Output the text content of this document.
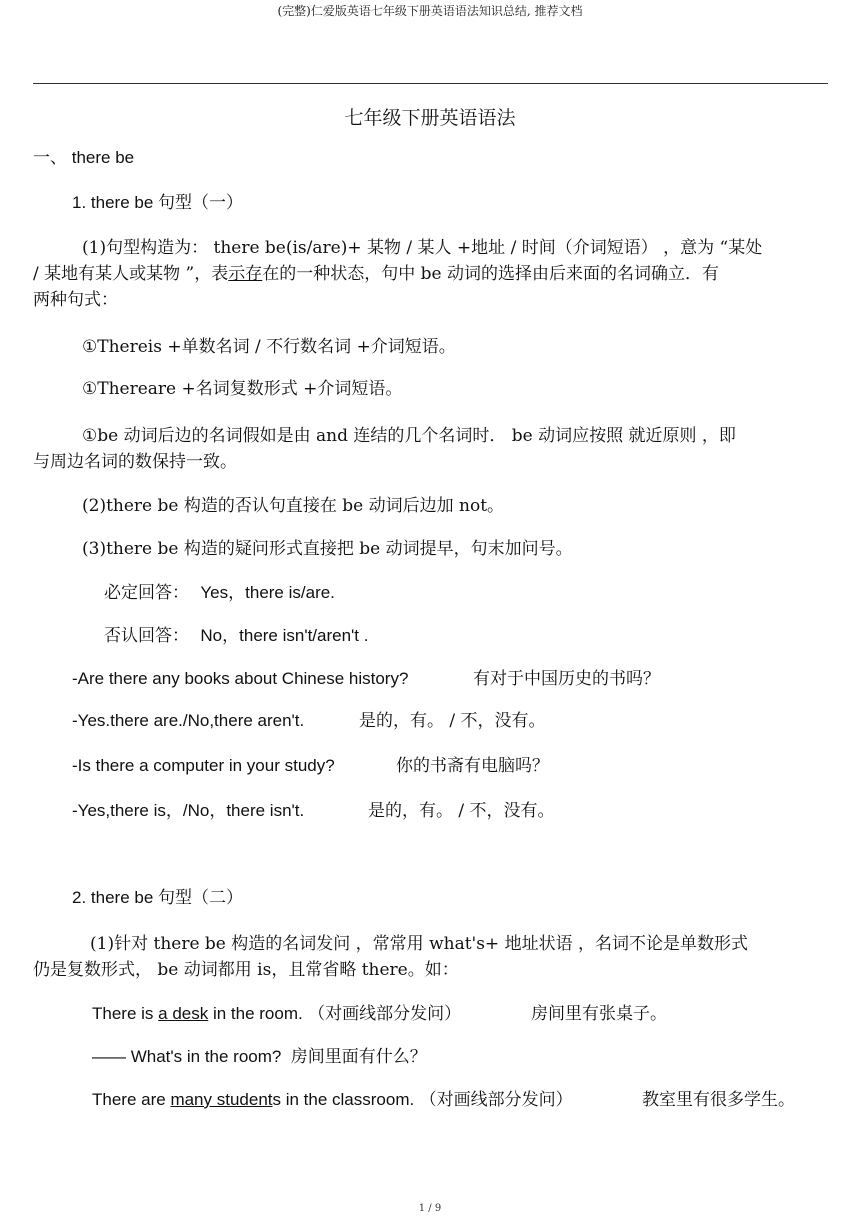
(完整)仁爱版英语七年级下册英语语法知识总结, 推荐文档
七年级下册英语语法
一、 there be
1. there be 句型（一）
(1)句型构造为： there be(is/are)+ 某物 / 某人 +地址 / 时间（介词短语） ，意为 “某处
/ 某地有某人或某物 ”，表示存在的一种状态，句中 be 动词的选择由后来面的名词确立．有
两种句式：
①Thereis +单数名词 / 不行数名词 +介词短语。
①Thereare +名词复数形式 +介词短语。
①be 动词后边的名词假如是由 and 连结的几个名词时． be 动词应按照 就近原则 ，即
与周边名词的数保持一致。
(2)there be 构造的否认句直接在 be 动词后边加 not。
(3)there be 构造的疑问形式直接把 be 动词提早，句末加问号。
必定回答： Yes，there is/are.
否认回答： No，there isn't/aren't .
-Are there any books about Chinese history?	有对于中国历史的书吗？
-Yes.there are./No,there aren't.	是的，有。 / 不，没有。
-Is there a computer in your study?	你的书斋有电脑吗？
-Yes,there is，/No，there isn't.	是的，有。 / 不，没有。
2. there be 句型（二）
(1)针对 there be 构造的名词发问 ，常常用 what's+ 地址状语 ，名词不论是单数形式
仍是复数形式， be 动词都用 is，且常省略 there。如：
There is a desk in the room. （对画线部分发问）	房间里有张桌子。
—— What's in the room? 房间里面有什么？
There are many students in the classroom. （对画线部分发问）	教室里有很多学生。
1 / 9
